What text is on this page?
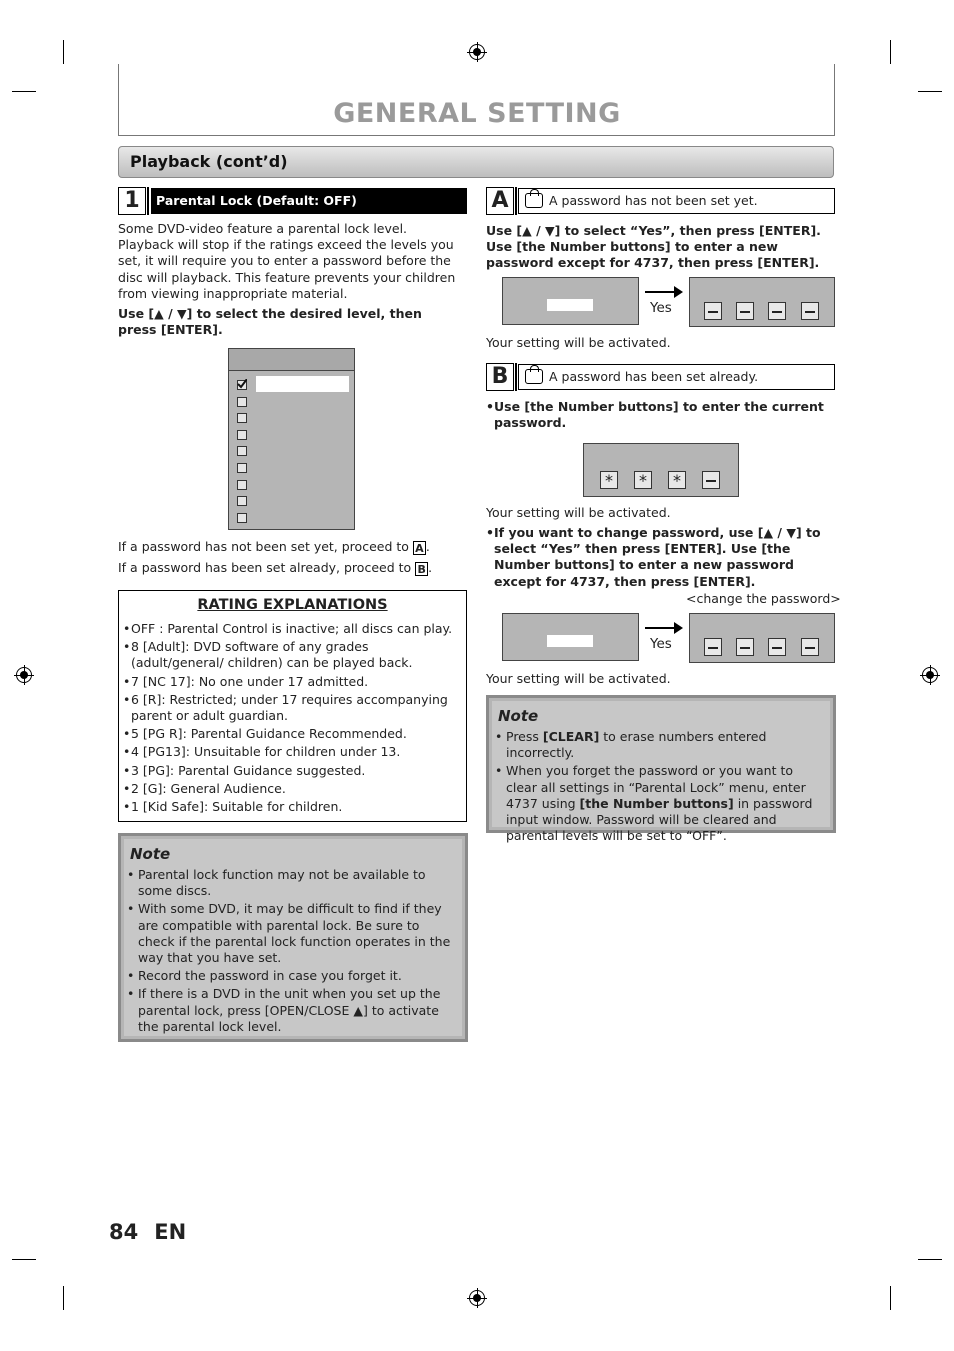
GENERAL SETTING
Playback (cont’d)
1	Parental Lock (Default: OFF)
Some DVD-video feature a parental lock level. Playback will stop if the ratings exceed the levels you set, it will require you to enter a password before the disc will playback. This feature prevents your children from viewing inappropriate material.
Use [▲ / ▼] to select the desired level, then press [ENTER].
If a password has not been set yet, proceed to A .
If a password has been set already, proceed to B .
RATING EXPLANATIONS
• OFF : Parental Control is inactive; all discs can play.
• 8 [Adult]: DVD software of any grades (adult/general/ children) can be played back.
• 7 [NC 17]: No one under 17 admitted.
• 6 [R]: Restricted; under 17 requires accompanying parent or adult guardian.
• 5 [PG R]: Parental Guidance Recommended.
• 4 [PG13]: Unsuitable for children under 13.
• 3 [PG]: Parental Guidance suggested.
• 2 [G]: General Audience.
• 1 [Kid Safe]: Suitable for children.
Note
• Parental lock function may not be available to some discs.
• With some DVD, it may be difficult to find if they are compatible with parental lock. Be sure to check if the parental lock function operates in the way that you have set.
• Record the password in case you forget it.
• If there is a DVD in the unit when you set up the parental lock, press [OPEN/CLOSE ▲] to activate the parental lock level.
A	A password has not been set yet.
Use [▲ / ▼] to select “Yes”, then press [ENTER]. Use [the Number buttons] to enter a new password except for 4737, then press [ENTER].
Yes
Your setting will be activated.
B	A password has been set already.
• Use [the Number buttons] to enter the current password.
*	*	*
Your setting will be activated.
• If you want to change password, use [▲ / ▼] to select “Yes” then press [ENTER]. Use [the Number buttons] to enter a new password except for 4737, then press [ENTER].
<change the password>
Yes
Your setting will be activated.
Note
• Press [CLEAR] to erase numbers entered incorrectly.
• When you forget the password or you want to clear all settings in “Parental Lock” menu, enter 4737 using [the Number buttons] in password input window. Password will be cleared and parental levels will be set to “OFF”.
84 EN
